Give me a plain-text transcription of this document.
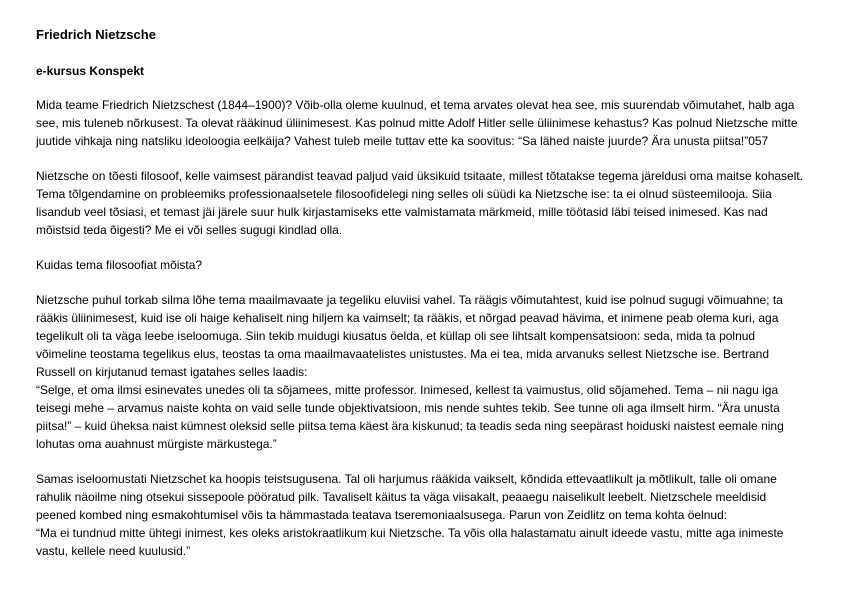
Friedrich Nietzsche
e-kursus Konspekt

Mida teame Friedrich Nietzschest (1844–1900)? Võib-olla oleme kuulnud, et tema arvates olevat hea see, mis suurendab võimutahet, halb aga see, mis tuleneb nõrkusest. Ta olevat rääkinud üliinimesest. Kas polnud mitte Adolf Hitler selle üliinimese kehastus? Kas polnud Nietzsche mitte juutide vihkaja ning natsliku ideoloogia eelkäija? Vahest tuleb meile tuttav ette ka soovitus: “Sa lähed naiste juurde? Ära unusta piitsa!”057

Nietzsche on tõesti filosoof, kelle vaimsest pärandist teavad paljud vaid üksikuid tsitaate, millest tõtatakse tegema järeldusi oma maitse kohaselt. Tema tõlgendamine on probleemiks professionaalsetele filosoofidelegi ning selles oli süüdi ka Nietzsche ise: ta ei olnud süsteemilooja. Siia lisandub veel tõsiasi, et temast jäi järele suur hulk kirjastamiseks ette valmistamata märkmeid, mille töötasid läbi teised inimesed. Kas nad mõistsid teda õigesti? Me ei või selles sugugi kindlad olla.

Kuidas tema filosoofiat mõista?

Nietzsche puhul torkab silma lõhe tema maailmavaate ja tegeliku eluviisi vahel. Ta räägis võimutahtest, kuid ise polnud sugugi võimuahne; ta rääkis üliinimesest, kuid ise oli haige kehaliselt ning hiljem ka vaimselt; ta rääkis, et nõrgad peavad hävima, et inimene peab olema kuri, aga tegelikult oli ta väga leebe iseloomuga. Siin tekib muidugi kiusatus öelda, et küllap oli see lihtsalt kompensatsioon: seda, mida ta polnud võimeline teostama tegelikus elus, teostas ta oma maailmavaatelistes unistustes. Ma ei tea, mida arvanuks sellest Nietzsche ise. Bertrand Russell on kirjutanud temast igatahes selles laadis:

“Selge, et oma ilmsi esinevates unedes oli ta sõjamees, mitte professor. Inimesed, kellest ta vaimustus, olid sõjamehed. Tema – nii nagu iga teisegi mehe – arvamus naiste kohta on vaid selle tunde objektivatsioon, mis nende suhtes tekib. See tunne oli aga ilmselt hirm. “Ära unusta piitsa!” – kuid üheksa naist kümnest oleksid selle piitsa tema käest ära kiskunud; ta teadis seda ning seepärast hoiduski naistest eemale ning lohutas oma auahnust mürgiste märkustega.”

Samas iseloomustati Nietzschet ka hoopis teistsugusena. Tal oli harjumus rääkida vaikselt, kõndida ettevaatlikult ja mõtlikult, talle oli omane rahulik näoilme ning otsekui sissepoole pööratud pilk. Tavaliselt käitus ta väga viisakalt, peaaegu naiselikult leebelt. Nietzschele meeldisid peened kombed ning esmakohtumisel võis ta hämmastada teatava tseremoniaalsusega. Parun von Zeidlitz on tema kohta öelnud:

“Ma ei tundnud mitte ühtegi inimest, kes oleks aristokraatlikum kui Nietzsche. Ta võis olla halastamatu ainult ideede vastu, mitte aga inimeste vastu, kellele need kuulusid.”
